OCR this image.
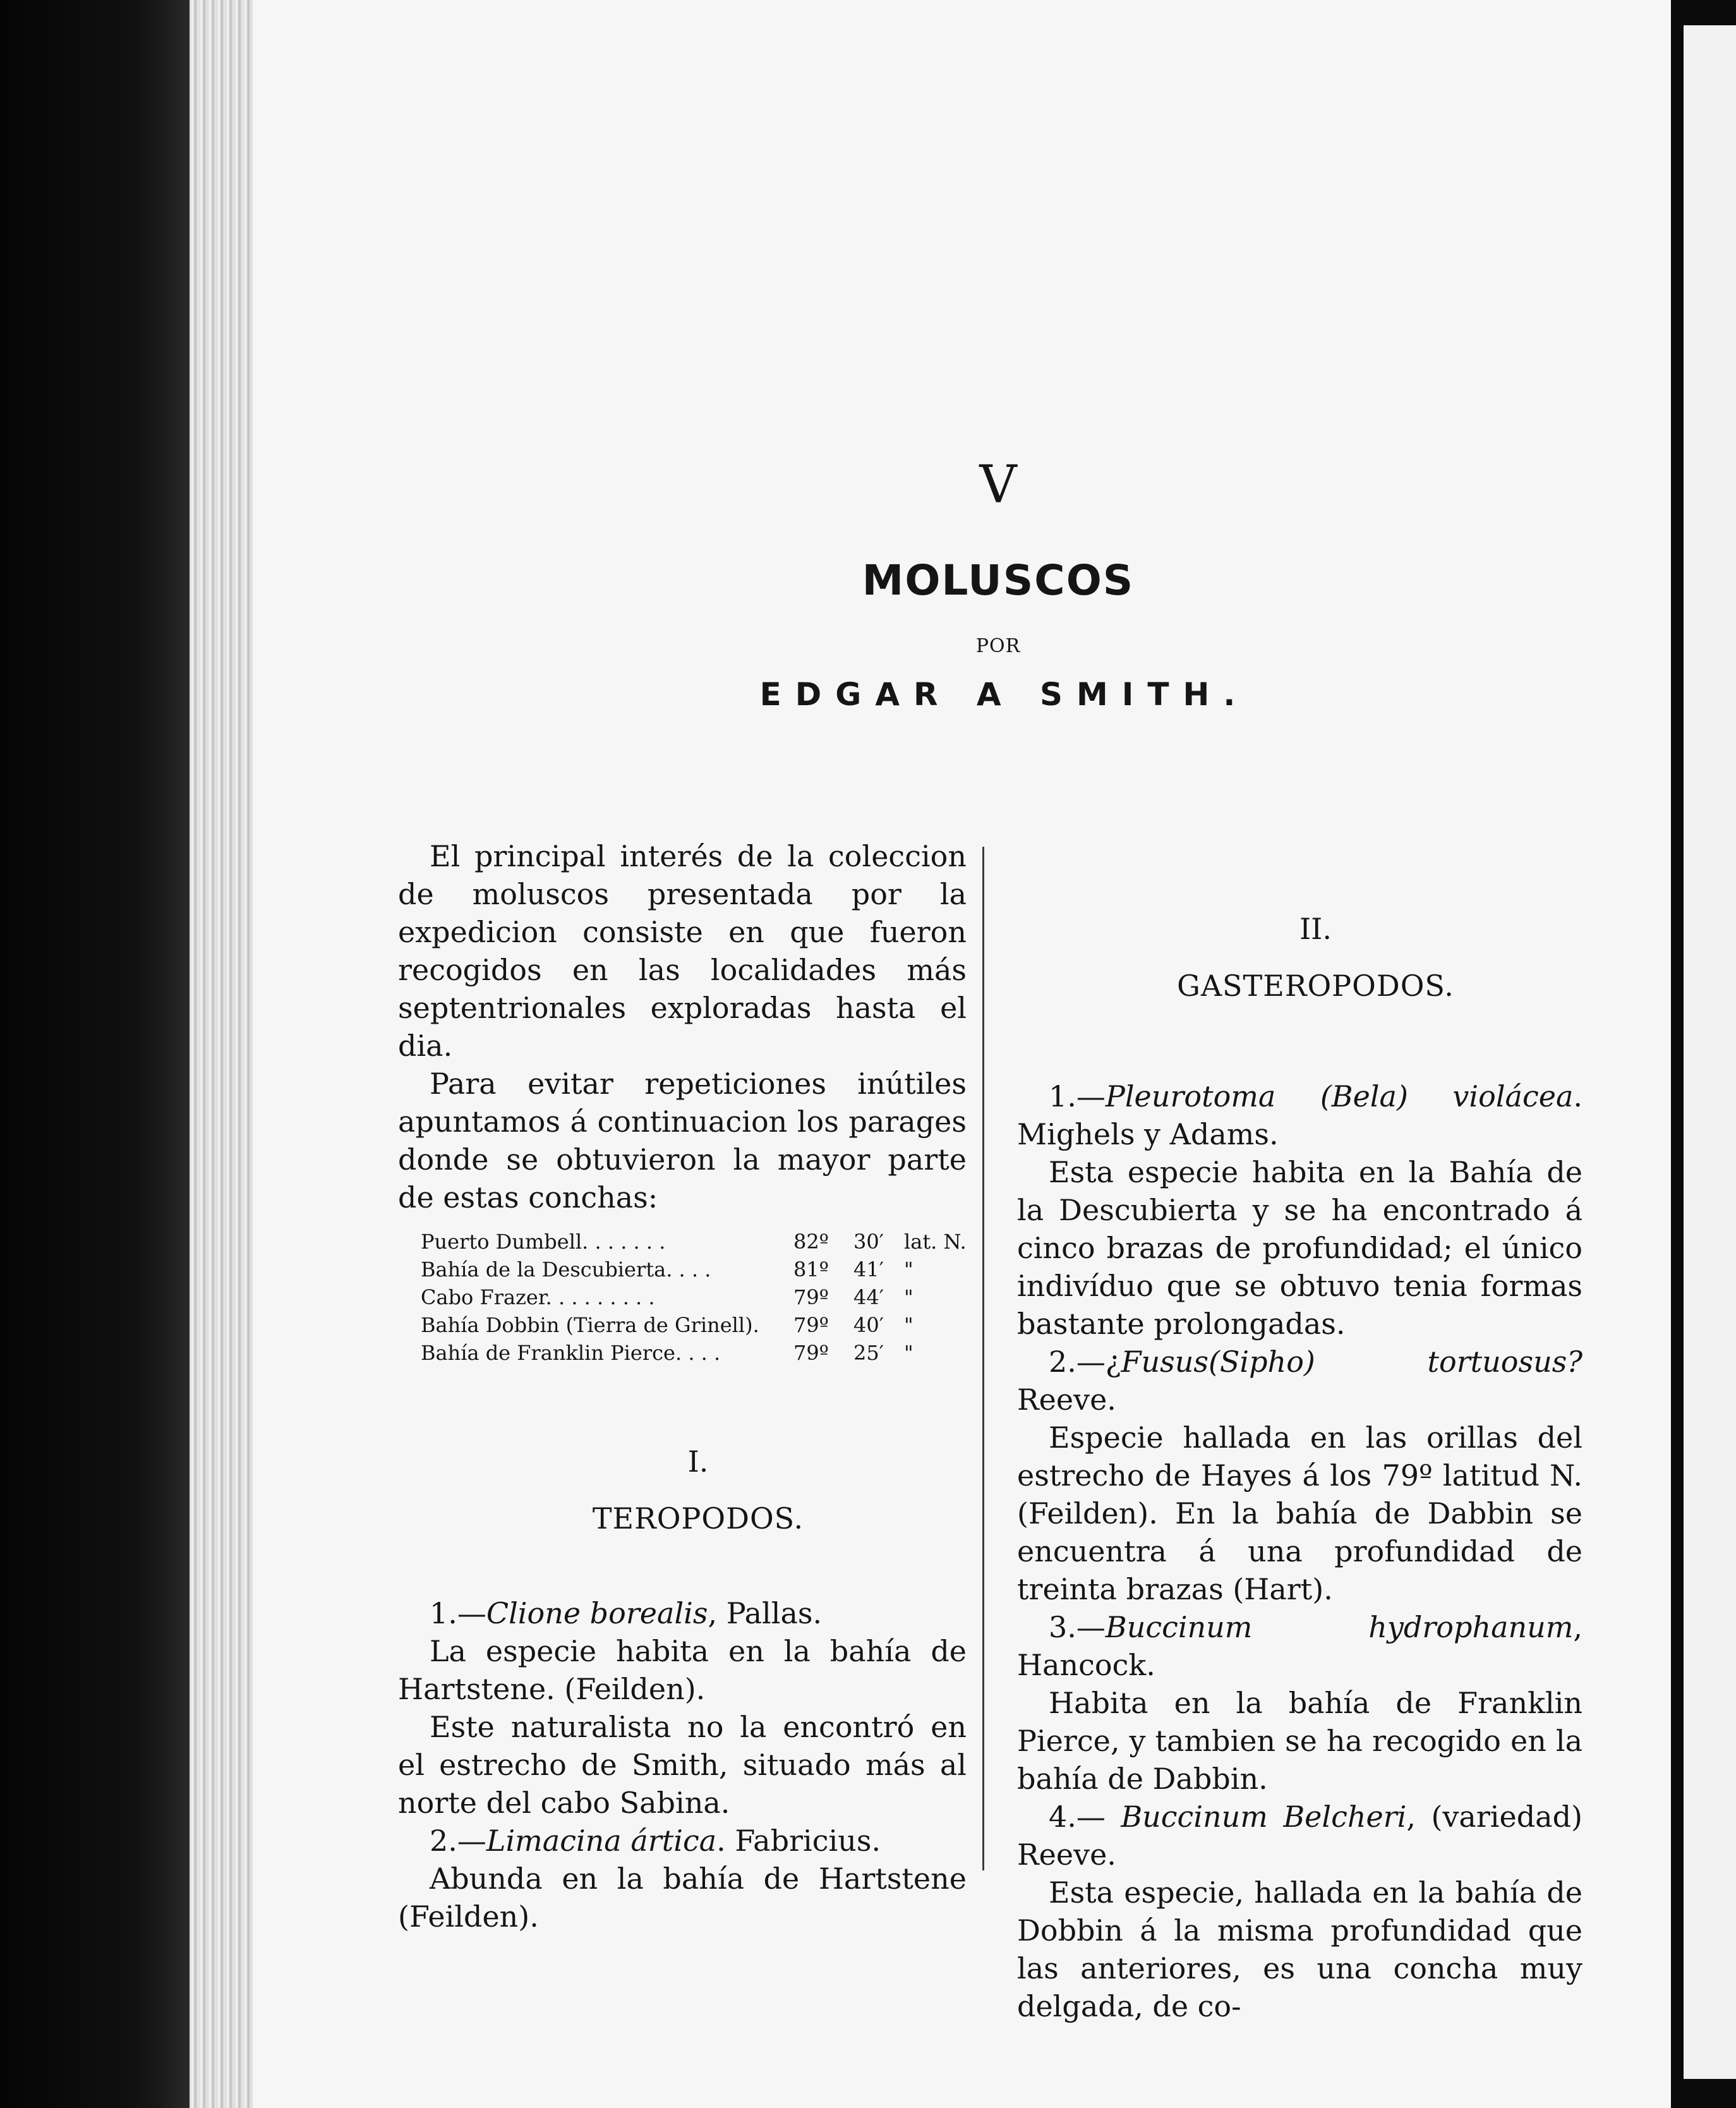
V
MOLUSCOS
POR
EDGAR A SMITH.

El principal interés de la coleccion de moluscos presentada por la expedicion consiste en que fueron recogidos en las localidades más septentrionales exploradas hasta el dia.

Para evitar repeticiones inútiles apuntamos á continuacion los parages donde se obtuvieron la mayor parte de estas conchas:

Puerto Dumbell. . . . . . .	82º	30′	lat. N.
Bahía de la Descubierta. . . .	81º	41′	"
Cabo Frazer. . . . . . . . .	79º	44′	"
Bahía Dobbin (Tierra de Grinell).	79º	40′	"
Bahía de Franklin Pierce. . . .	79º	25′	"

I.

TEROPODOS.

1.—Clione borealis, Pallas.

La especie habita en la bahía de Hartstene. (Feilden).

Este naturalista no la encontró en el estrecho de Smith, situado más al norte del cabo Sabina.

2.—Limacina ártica. Fabricius.

Abunda en la bahía de Hartstene (Feilden).

II.

GASTEROPODOS.

1.—Pleurotoma (Bela) violácea. Mighels y Adams.

Esta especie habita en la Bahía de la Descubierta y se ha encontrado á cinco brazas de profundidad; el único indivíduo que se obtuvo tenia formas bastante prolongadas.

2.—¿Fusus(Sipho) tortuosus? Reeve.

Especie hallada en las orillas del estrecho de Hayes á los 79º latitud N. (Feilden). En la bahía de Dabbin se encuentra á una profundidad de treinta brazas (Hart).

3.—Buccinum hydrophanum, Hancock.

Habita en la bahía de Franklin Pierce, y tambien se ha recogido en la bahía de Dabbin.

4.— Buccinum Belcheri, (variedad) Reeve.

Esta especie, hallada en la bahía de Dobbin á la misma profundidad que las anteriores, es una concha muy delgada, de co-
